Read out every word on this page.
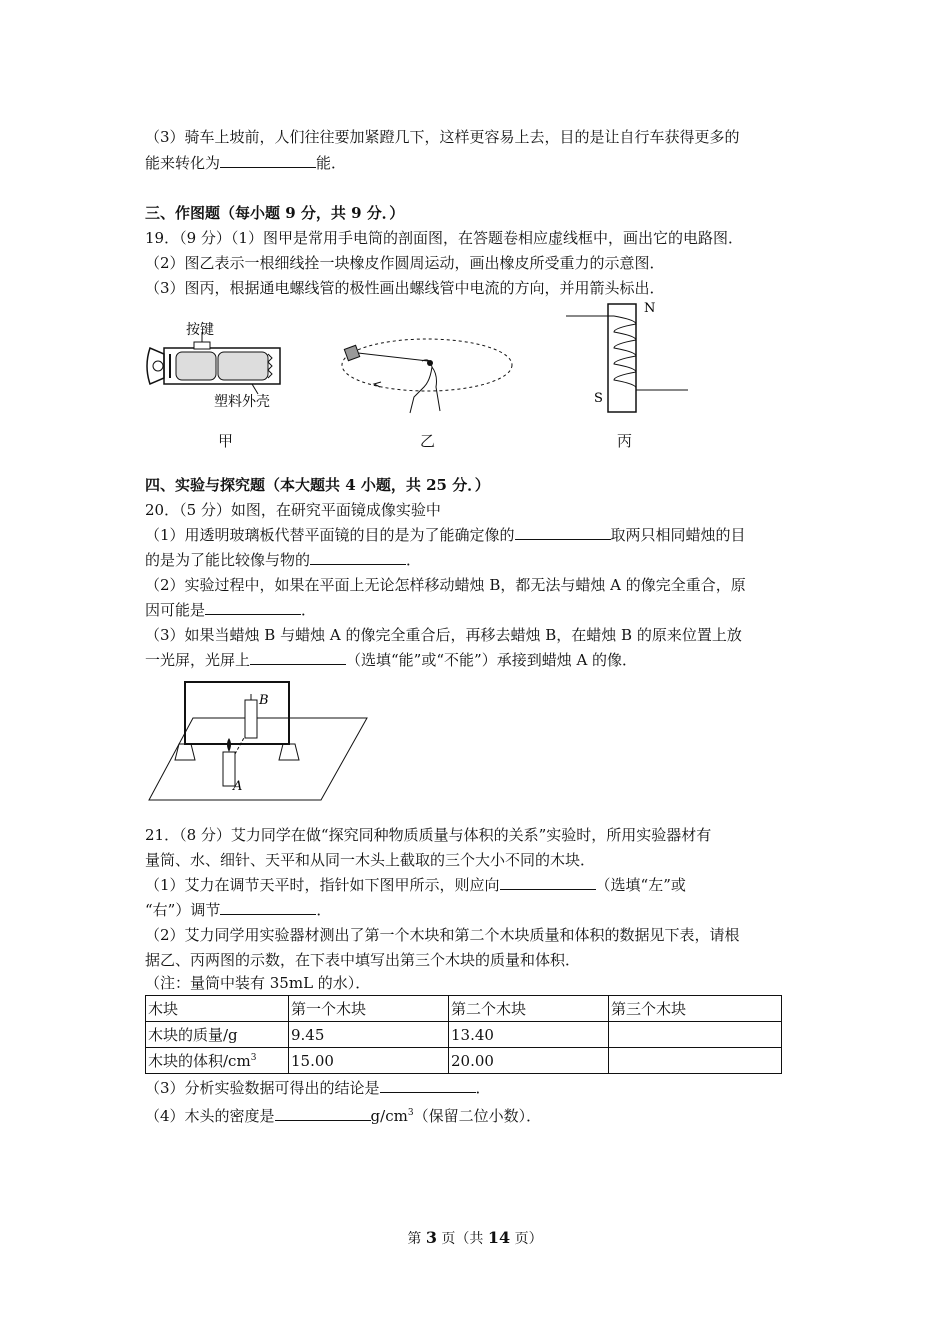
（3）骑车上坡前，人们往往要加紧蹬几下，这样更容易上去，目的是让自行车获得更多的
能来转化为	能．
三、作图题（每小题 9 分，共 9 分．）
19．（9 分）（1）图甲是常用手电筒的剖面图，在答题卷相应虚线框中，画出它的电路图．
（2）图乙表示一根细线拴一块橡皮作圆周运动，画出橡皮所受重力的示意图．
（3）图丙，根据通电螺线管的极性画出螺线管中电流的方向，并用箭头标出．
按键
塑料外壳
甲	乙
N
S
丙
四、实验与探究题（本大题共 4 小题，共 25 分．）
20．（5 分）如图，在研究平面镜成像实验中
（1）用透明玻璃板代替平面镜的目的是为了能确定像的	取两只相同蜡烛的目
的是为了能比较像与物的	．
（2）实验过程中，如果在平面上无论怎样移动蜡烛 B，都无法与蜡烛 A 的像完全重合，原
因可能是	．
（3）如果当蜡烛 B 与蜡烛 A 的像完全重合后，再移去蜡烛 B，在蜡烛 B 的原来位置上放
一光屏，光屏上	（选填“能”或“不能”）承接到蜡烛 A 的像．
A
B
21．（8 分）艾力同学在做“探究同种物质质量与体积的关系”实验时，所用实验器材有
量筒、水、细针、天平和从同一木头上截取的三个大小不同的木块．
（1）艾力在调节天平时，指针如下图甲所示，则应向	（选填“左”或
“右”）调节	．
（2）艾力同学用实验器材测出了第一个木块和第二个木块质量和体积的数据见下表，请根
据乙、丙两图的示数，在下表中填写出第三个木块的质量和体积．
（注：量筒中装有 35mL 的水）．
木块	第一个木块	第二个木块	第三个木块
木块的质量/g	9.45	13.40	
木块的体积$/cm^3$	15.00	20.00	
（3）分析实验数据可得出的结论是	．
（4）木头的密度是	$g/cm^3$（保留二位小数）．
第 3 页（共 14 页）
